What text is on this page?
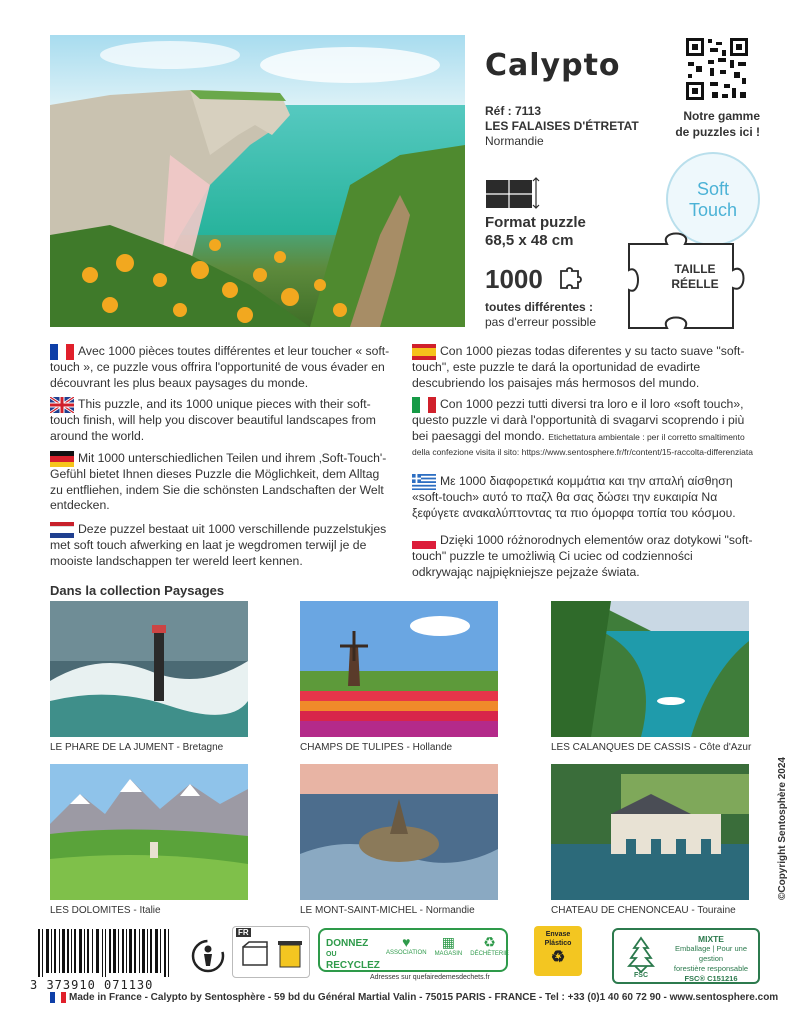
Calypto
Notre gamme
de puzzles ici !
Réf : 7113
LES FALAISES D'ÉTRETAT
Normandie
Format puzzle
68,5 x 48 cm
1000
toutes différentes :
pas d'erreur possible
Soft
Touch
TAILLE
RÉELLE
Avec 1000 pièces toutes différentes et leur toucher « soft-touch », ce puzzle vous offrira l'opportunité de vous évader en découvrant les plus beaux paysages du monde.
This puzzle, and its 1000 unique pieces with their soft-touch finish, will help you discover beautiful landscapes from around the world.
Mit 1000 unterschiedlichen Teilen und ihrem ‚Soft-Touch'-Gefühl bietet Ihnen dieses Puzzle die Möglichkeit, dem Alltag zu entfliehen, indem Sie die schönsten Landschaften der Welt entdecken.
Deze puzzel bestaat uit 1000 verschillende puzzelstukjes met soft touch afwerking en laat je wegdromen terwijl je de mooiste landschappen ter wereld leert kennen.
Con 1000 piezas todas diferentes y su tacto suave "soft-touch", este puzzle te dará la oportunidad de evadirte descubriendo los paisajes más hermosos del mundo.
Con 1000 pezzi tutti diversi tra loro e il loro «soft touch», questo puzzle vi darà l'opportunità di svagarvi scoprendo i più bei paesaggi del mondo. Etichettatura ambientale : per il corretto smaltimento della confezione visita il sito: https://www.sentosphere.fr/fr/content/15-raccolta-differenziata
Με 1000 διαφορετικά κομμάτια και την απαλή αίσθηση «soft-touch» αυτό το παζλ θα σας δώσει την ευκαιρία Να ξεφύγετε ανακαλύπτοντας τα πιο όμορφα τοπία του κόσμου.
Dzięki 1000 różnorodnych elementów oraz dotykowi "soft-touch" puzzle te umożliwią Ci uciec od codzienności odkrywając najpiękniejsze pejzaże świata.
Dans la collection Paysages
LE PHARE DE LA JUMENT - Bretagne	CHAMPS DE TULIPES - Hollande	LES CALANQUES DE CASSIS - Côte d'Azur
LES DOLOMITES - Italie	LE MONT-SAINT-MICHEL - Normandie	CHATEAU DE CHENONCEAU - Touraine
©Copyright Sentosphère 2024
3 373910 071130
FR
DONNEZ
OU
RECYCLEZ
♥
ASSOCIATION
▦
MAGASIN
♻
DÉCHÈTERIE
Adresses sur quefairedemesdechets.fr
Envase
Plástico
♻
FSC
MIXTE
Emballage | Pour une gestion
forestière responsable
FSC® C151216
Made in France - Calypto by Sentosphère - 59 bd du Général Martial Valin - 75015 PARIS - FRANCE - Tel : +33 (0)1 40 60 72 90 - www.sentosphere.com
